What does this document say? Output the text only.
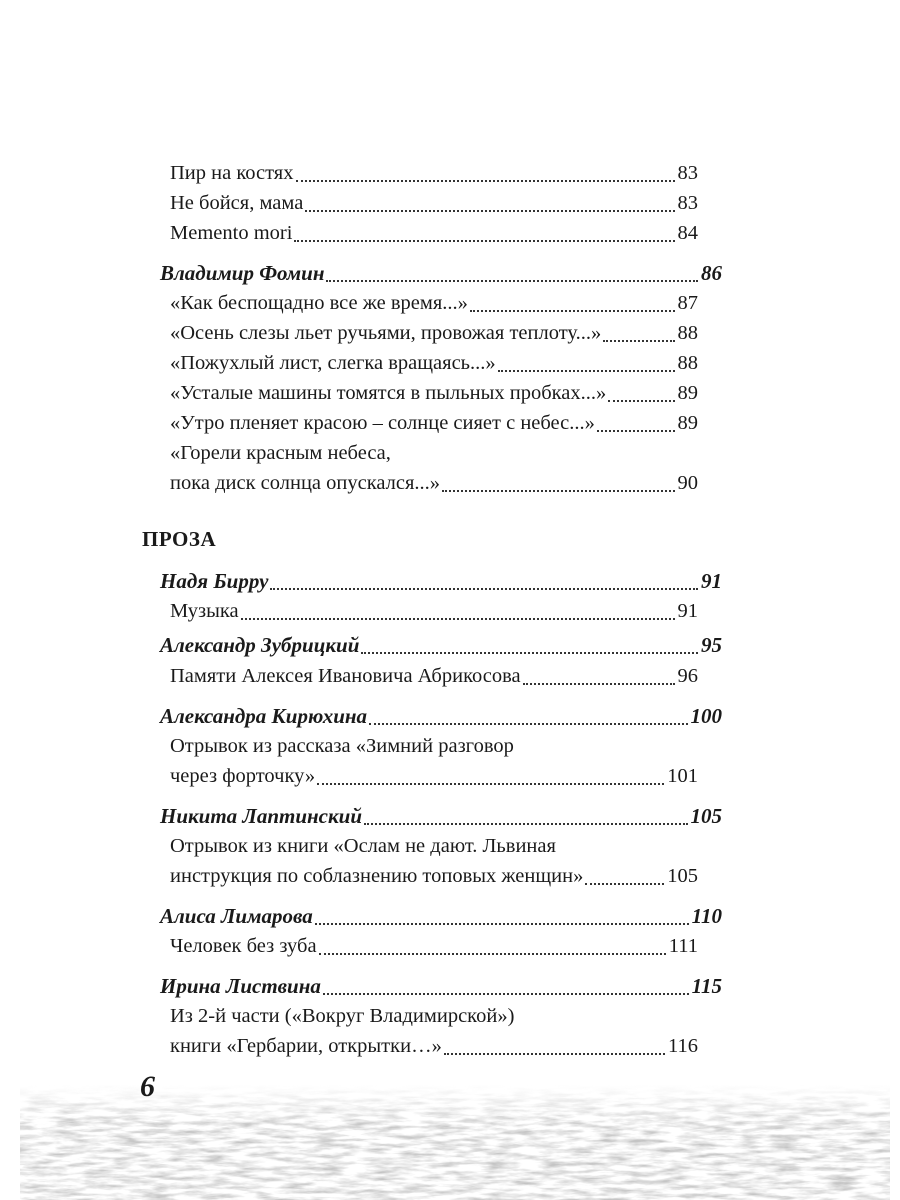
Пир на костях	83
Не бойся, мама	83
Memento mori	84
Владимир Фомин	86
«Как беспощадно все же время...»	87
«Осень слезы льет ручьями, провожая теплоту...»	88
«Пожухлый лист, слегка вращаясь...»	88
«Усталые машины томятся в пыльных пробках...»	89
«Утро пленяет красою – солнце сияет с небес...»	89
«Горели красным небеса,
пока диск солнца опускался...»	90
ПРОЗА
Надя Бирру	91
Музыка	91
Александр Зубрицкий	95
Памяти Алексея Ивановича Абрикосова	96
Александра Кирюхина	100
Отрывок из рассказа «Зимний разговор
через форточку»	101
Никита Лаптинский	105
Отрывок из книги «Ослам не дают. Львиная
инструкция по соблазнению топовых женщин»	105
Алиса Лимарова	110
Человек без зуба	111
Ирина Листвина	115
Из 2-й части («Вокруг Владимирской»)
книги «Гербарии, открытки…»	116
6
